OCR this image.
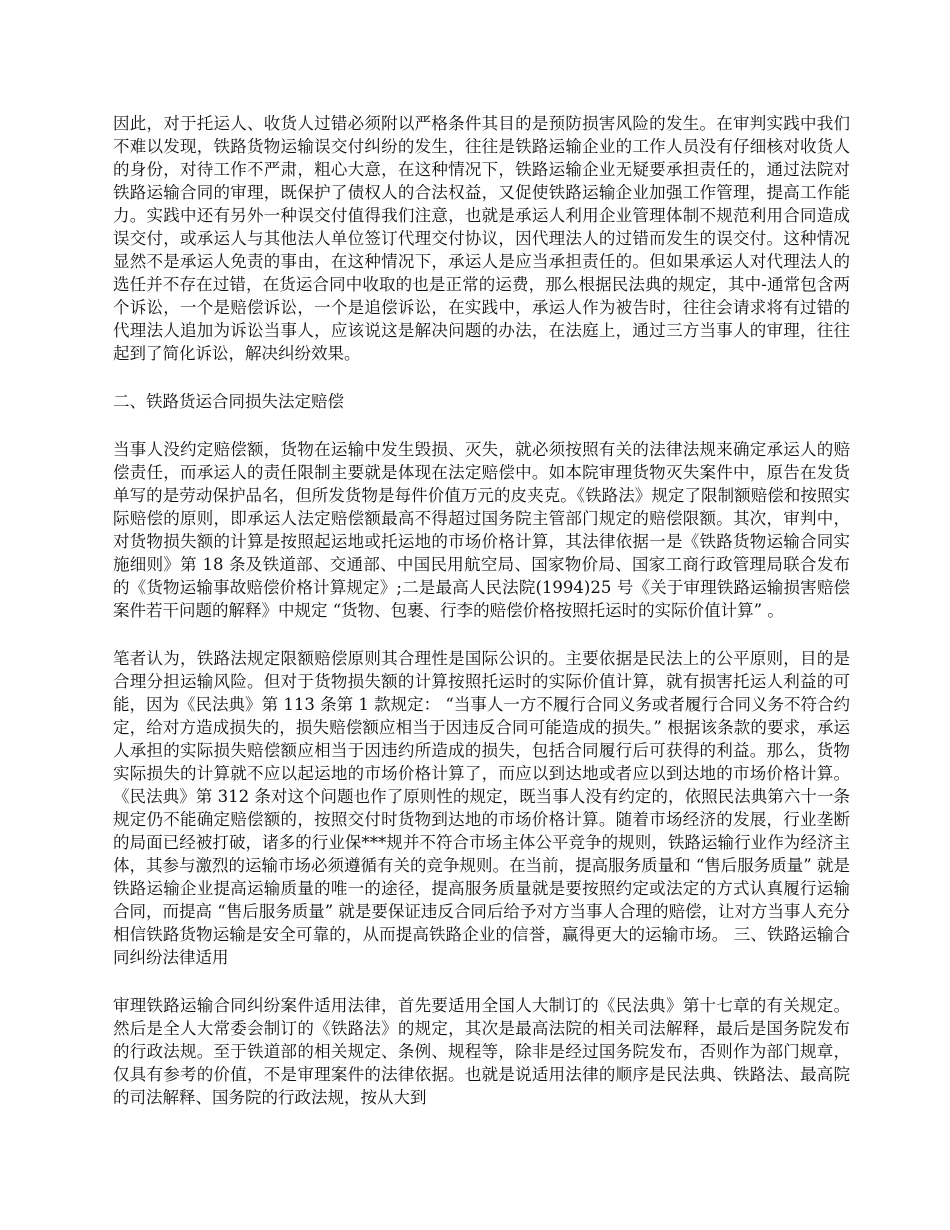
因此，对于托运人、收货人过错必须附以严格条件其目的是预防损害风险的发生。在审判实践中我们不难以发现，铁路货物运输误交付纠纷的发生，往往是铁路运输企业的工作人员没有仔细核对收货人的身份，对待工作不严肃，粗心大意，在这种情况下，铁路运输企业无疑要承担责任的，通过法院对铁路运输合同的审理，既保护了债权人的合法权益，又促使铁路运输企业加强工作管理，提高工作能力。实践中还有另外一种误交付值得我们注意，也就是承运人利用企业管理体制不规范利用合同造成误交付，或承运人与其他法人单位签订代理交付协议，因代理法人的过错而发生的误交付。这种情况显然不是承运人免责的事由，在这种情况下，承运人是应当承担责任的。但如果承运人对代理法人的选任并不存在过错，在货运合同中收取的也是正常的运费，那么根据民法典的规定，其中-通常包含两个诉讼，一个是赔偿诉讼，一个是追偿诉讼，在实践中，承运人作为被告时，往往会请求将有过错的代理法人追加为诉讼当事人，应该说这是解决问题的办法，在法庭上，通过三方当事人的审理，往往起到了简化诉讼，解决纠纷效果。

二、铁路货运合同损失法定赔偿

当事人没约定赔偿额，货物在运输中发生毁损、灭失，就必须按照有关的法律法规来确定承运人的赔偿责任，而承运人的责任限制主要就是体现在法定赔偿中。如本院审理货物灭失案件中，原告在发货单写的是劳动保护品名，但所发货物是每件价值万元的皮夹克。《铁路法》规定了限制额赔偿和按照实际赔偿的原则，即承运人法定赔偿额最高不得超过国务院主管部门规定的赔偿限额。其次，审判中，对货物损失额的计算是按照起运地或托运地的市场价格计算，其法律依据一是《铁路货物运输合同实施细则》第 18 条及铁道部、交通部、中国民用航空局、国家物价局、国家工商行政管理局联合发布的《货物运输事故赔偿价格计算规定》;二是最高人民法院(1994)25 号《关于审理铁路运输损害赔偿案件若干问题的解释》中规定 “货物、包裹、行李的赔偿价格按照托运时的实际价值计算” 。

笔者认为，铁路法规定限额赔偿原则其合理性是国际公识的。主要依据是民法上的公平原则，目的是合理分担运输风险。但对于货物损失额的计算按照托运时的实际价值计算，就有损害托运人利益的可能，因为《民法典》第 113 条第 1 款规定： “当事人一方不履行合同义务或者履行合同义务不符合约定，给对方造成损失的，损失赔偿额应相当于因违反合同可能造成的损失。” 根据该条款的要求，承运人承担的实际损失赔偿额应相当于因违约所造成的损失，包括合同履行后可获得的利益。那么，货物实际损失的计算就不应以起运地的市场价格计算了，而应以到达地或者应以到达地的市场价格计算。《民法典》第 312 条对这个问题也作了原则性的规定，既当事人没有约定的，依照民法典第六十一条规定仍不能确定赔偿额的，按照交付时货物到达地的市场价格计算。随着市场经济的发展，行业垄断的局面已经被打破，诸多的行业保***规并不符合市场主体公平竞争的规则，铁路运输行业作为经济主体，其参与激烈的运输市场必须遵循有关的竞争规则。在当前，提高服务质量和 “售后服务质量” 就是铁路运输企业提高运输质量的唯一的途径，提高服务质量就是要按照约定或法定的方式认真履行运输合同，而提高 “售后服务质量” 就是要保证违反合同后给予对方当事人合理的赔偿，让对方当事人充分相信铁路货物运输是安全可靠的，从而提高铁路企业的信誉，赢得更大的运输市场。 三、铁路运输合同纠纷法律适用

审理铁路运输合同纠纷案件适用法律，首先要适用全国人大制订的《民法典》第十七章的有关规定。然后是全人大常委会制订的《铁路法》的规定，其次是最高法院的相关司法解释，最后是国务院发布的行政法规。至于铁道部的相关规定、条例、规程等，除非是经过国务院发布，否则作为部门规章，仅具有参考的价值，不是审理案件的法律依据。也就是说适用法律的顺序是民法典、铁路法、最高院的司法解释、国务院的行政法规，按从大到
